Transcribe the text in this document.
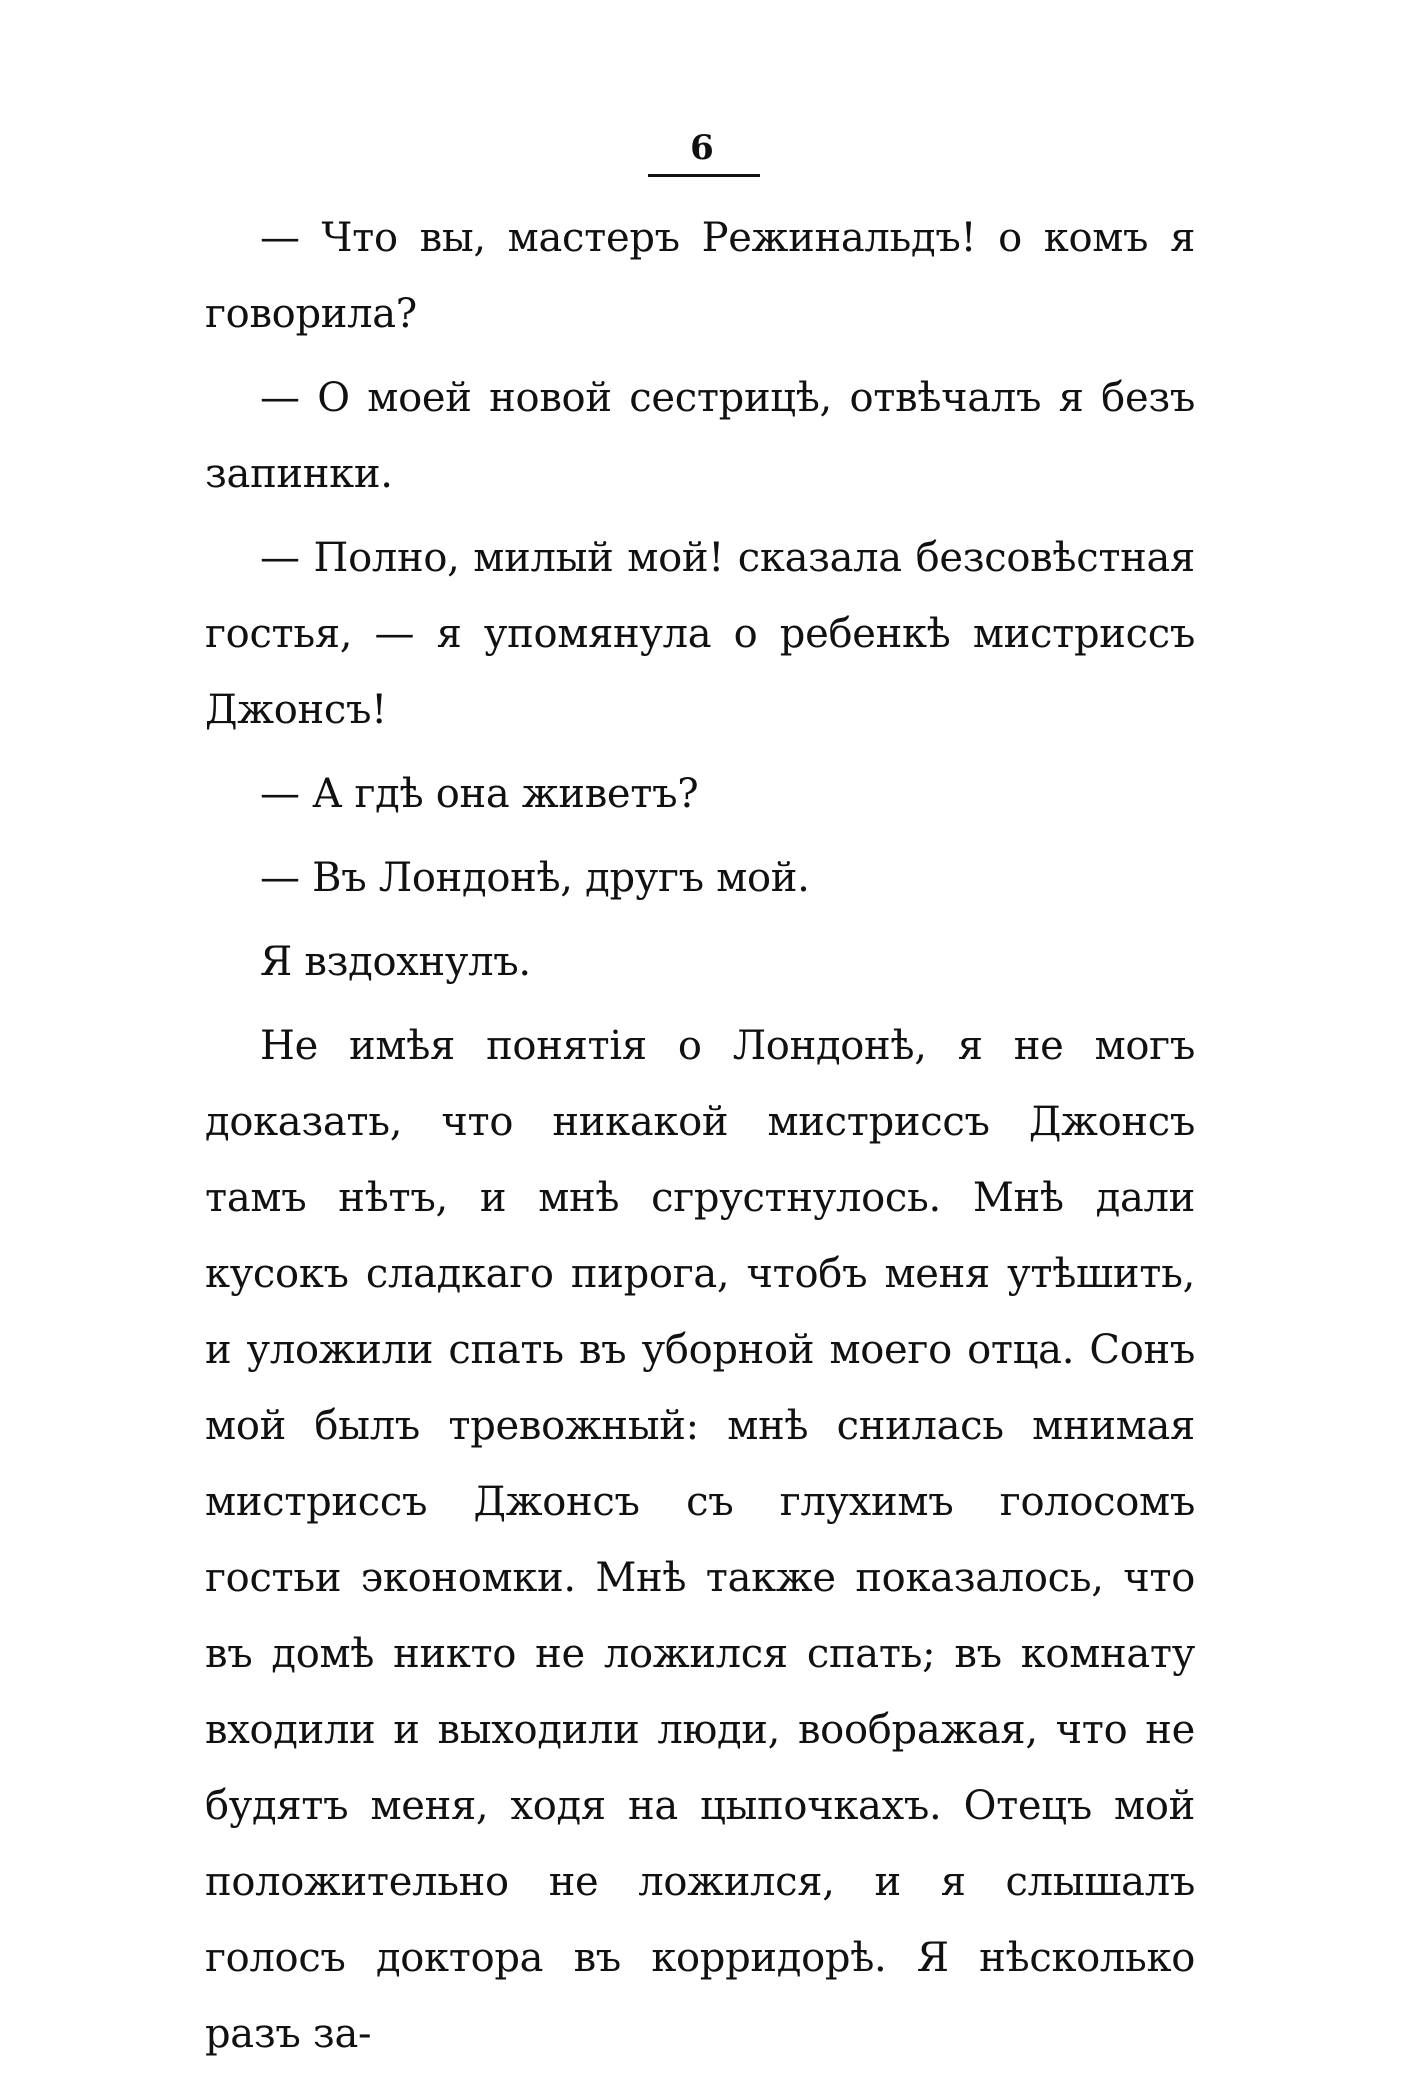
6

— Что вы, мастеръ Режинальдъ! о комъ я говорила?

— О моей новой сестрицѣ, отвѣчалъ я безъ запинки.

— Полно, милый мой! сказала безсовѣстная гостья, — я упомянула о ребенкѣ мистриссъ Джонсъ!

— А гдѣ она живетъ?

— Въ Лондонѣ, другъ мой.

Я вздохнулъ.

Не имѣя понятія о Лондонѣ, я не могъ доказать, что никакой мистриссъ Джонсъ тамъ нѣтъ, и мнѣ сгрустнулось. Мнѣ дали кусокъ сладкаго пирога, чтобъ меня утѣшить, и уложили спать въ уборной моего отца. Сонъ мой былъ тревожный: мнѣ снилась мнимая мистриссъ Джонсъ съ глухимъ голосомъ гостьи экономки. Мнѣ также показалось, что въ домѣ никто не ложился спать; въ комнату входили и выходили люди, воображая, что не будятъ меня, ходя на цыпочкахъ. Отецъ мой положительно не ложился, и я слышалъ голосъ доктора въ корридорѣ. Я нѣсколько разъ за-
